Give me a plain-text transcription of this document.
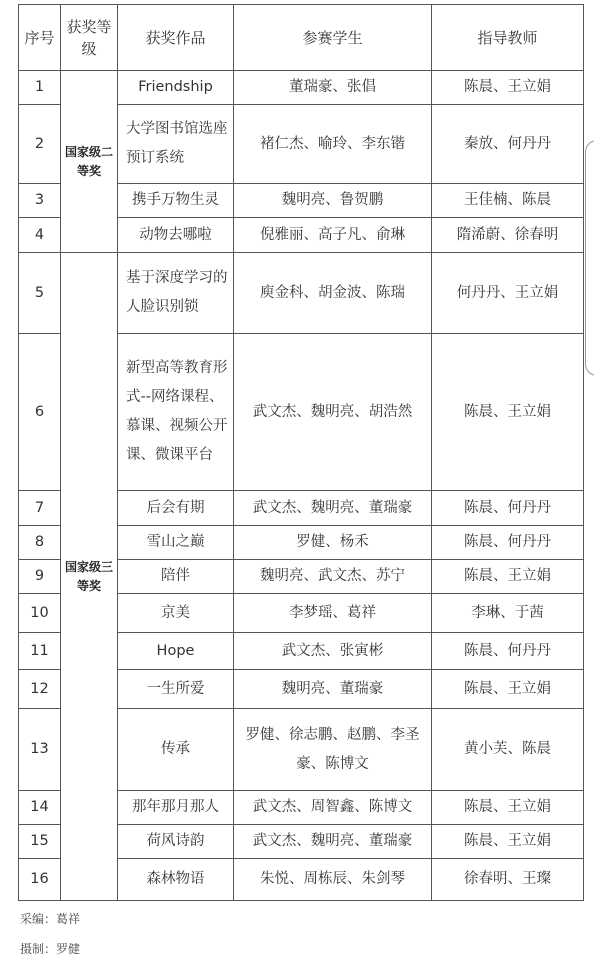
序号	获奖等级	获奖作品	参赛学生	指导教师
1	国家级二等奖	Friendship	董瑞豪、张倡	陈晨、王立娟
2		大学图书馆选座预订系统	褚仁杰、喻玲、李东锴	秦放、何丹丹
3		携手万物生灵	魏明亮、鲁贺鹏	王佳楠、陈晨
4		动物去哪啦	倪雅丽、高子凡、俞琳	隋浠蔚、徐春明
5	国家级三等奖	基于深度学习的人脸识别锁	庾金科、胡金波、陈瑞	何丹丹、王立娟
6		新型高等教育形式--网络课程、慕课、视频公开课、微课平台	武文杰、魏明亮、胡浩然	陈晨、王立娟
7		后会有期	武文杰、魏明亮、董瑞豪	陈晨、何丹丹
8		雪山之巅	罗健、杨禾	陈晨、何丹丹
9		陪伴	魏明亮、武文杰、苏宁	陈晨、王立娟
10		京美	李梦瑶、葛祥	李琳、于茜
11		Hope	武文杰、张寅彬	陈晨、何丹丹
12		一生所爱	魏明亮、董瑞豪	陈晨、王立娟
13		传承	罗健、徐志鹏、赵鹏、李圣豪、陈博文	黄小芙、陈晨
14		那年那月那人	武文杰、周智鑫、陈博文	陈晨、王立娟
15		荷风诗韵	武文杰、魏明亮、董瑞豪	陈晨、王立娟
16		森林物语	朱悦、周栋辰、朱剑琴	徐春明、王璨
采编：葛祥
摄制：罗健
